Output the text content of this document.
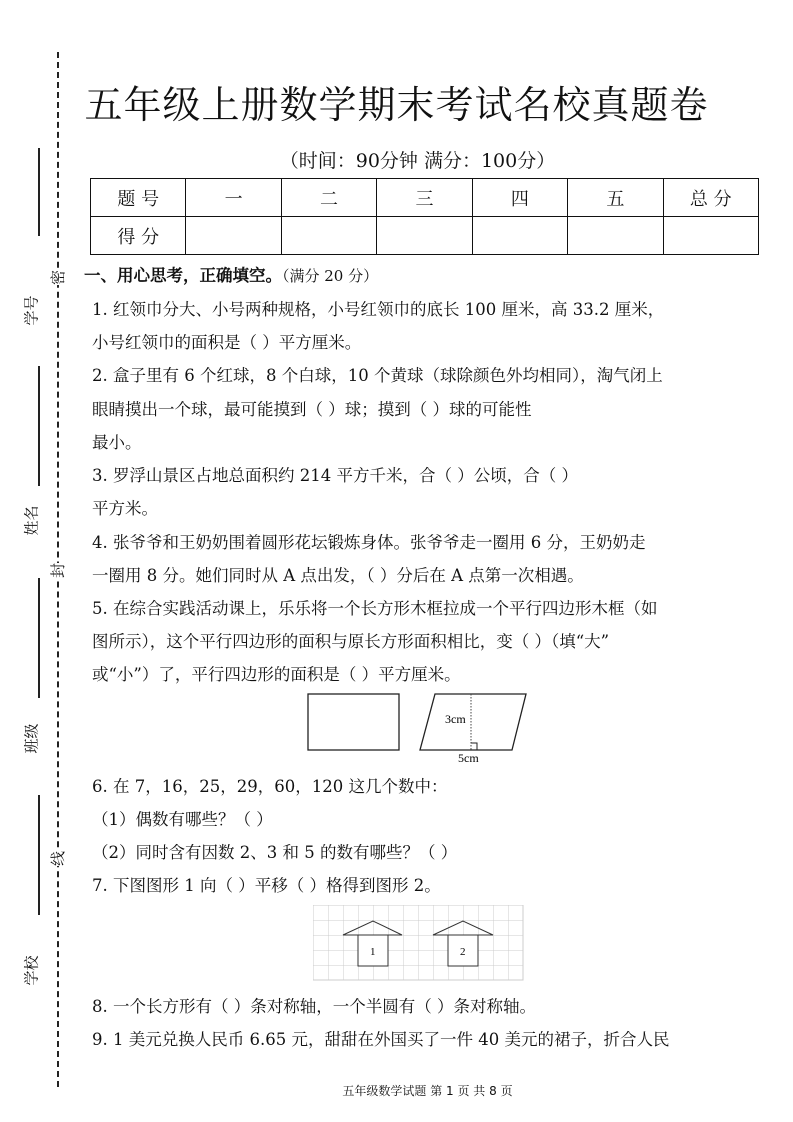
学号
姓名
班级
学校
密
封
线
五年级上册数学期末考试名校真题卷
（时间：90分钟 满分：100分）
题 号	一	二	三	四	五	总 分
得 分						
一、用心思考，正确填空。（满分 20 分）
1. 红领巾分大、小号两种规格，小号红领巾的底长 100 厘米，高 33.2 厘米，
小号红领巾的面积是（ ）平方厘米。
2. 盒子里有 6 个红球，8 个白球，10 个黄球（球除颜色外均相同），淘气闭上
眼睛摸出一个球，最可能摸到（ ）球；摸到（ ）球的可能性
最小。
3. 罗浮山景区占地总面积约 214 平方千米，合（ ）公顷，合（ ）
平方米。
4. 张爷爷和王奶奶围着圆形花坛锻炼身体。张爷爷走一圈用 6 分，王奶奶走
一圈用 8 分。她们同时从 A 点出发，（ ）分后在 A 点第一次相遇。
5. 在综合实践活动课上，乐乐将一个长方形木框拉成一个平行四边形木框（如
图所示），这个平行四边形的面积与原长方形面积相比，变（ ）（填“大”
或“小”）了，平行四边形的面积是（ ）平方厘米。
3cm
5cm
6. 在 7，16，25，29，60，120 这几个数中：
（1）偶数有哪些？（ ）
（2）同时含有因数 2、3 和 5 的数有哪些？（ ）
7. 下图图形 1 向（ ）平移（ ）格得到图形 2。
1	2
8. 一个长方形有（ ）条对称轴，一个半圆有（ ）条对称轴。
9. 1 美元兑换人民币 6.65 元，甜甜在外国买了一件 40 美元的裙子，折合人民
五年级数学试题 第 1 页 共 8 页
